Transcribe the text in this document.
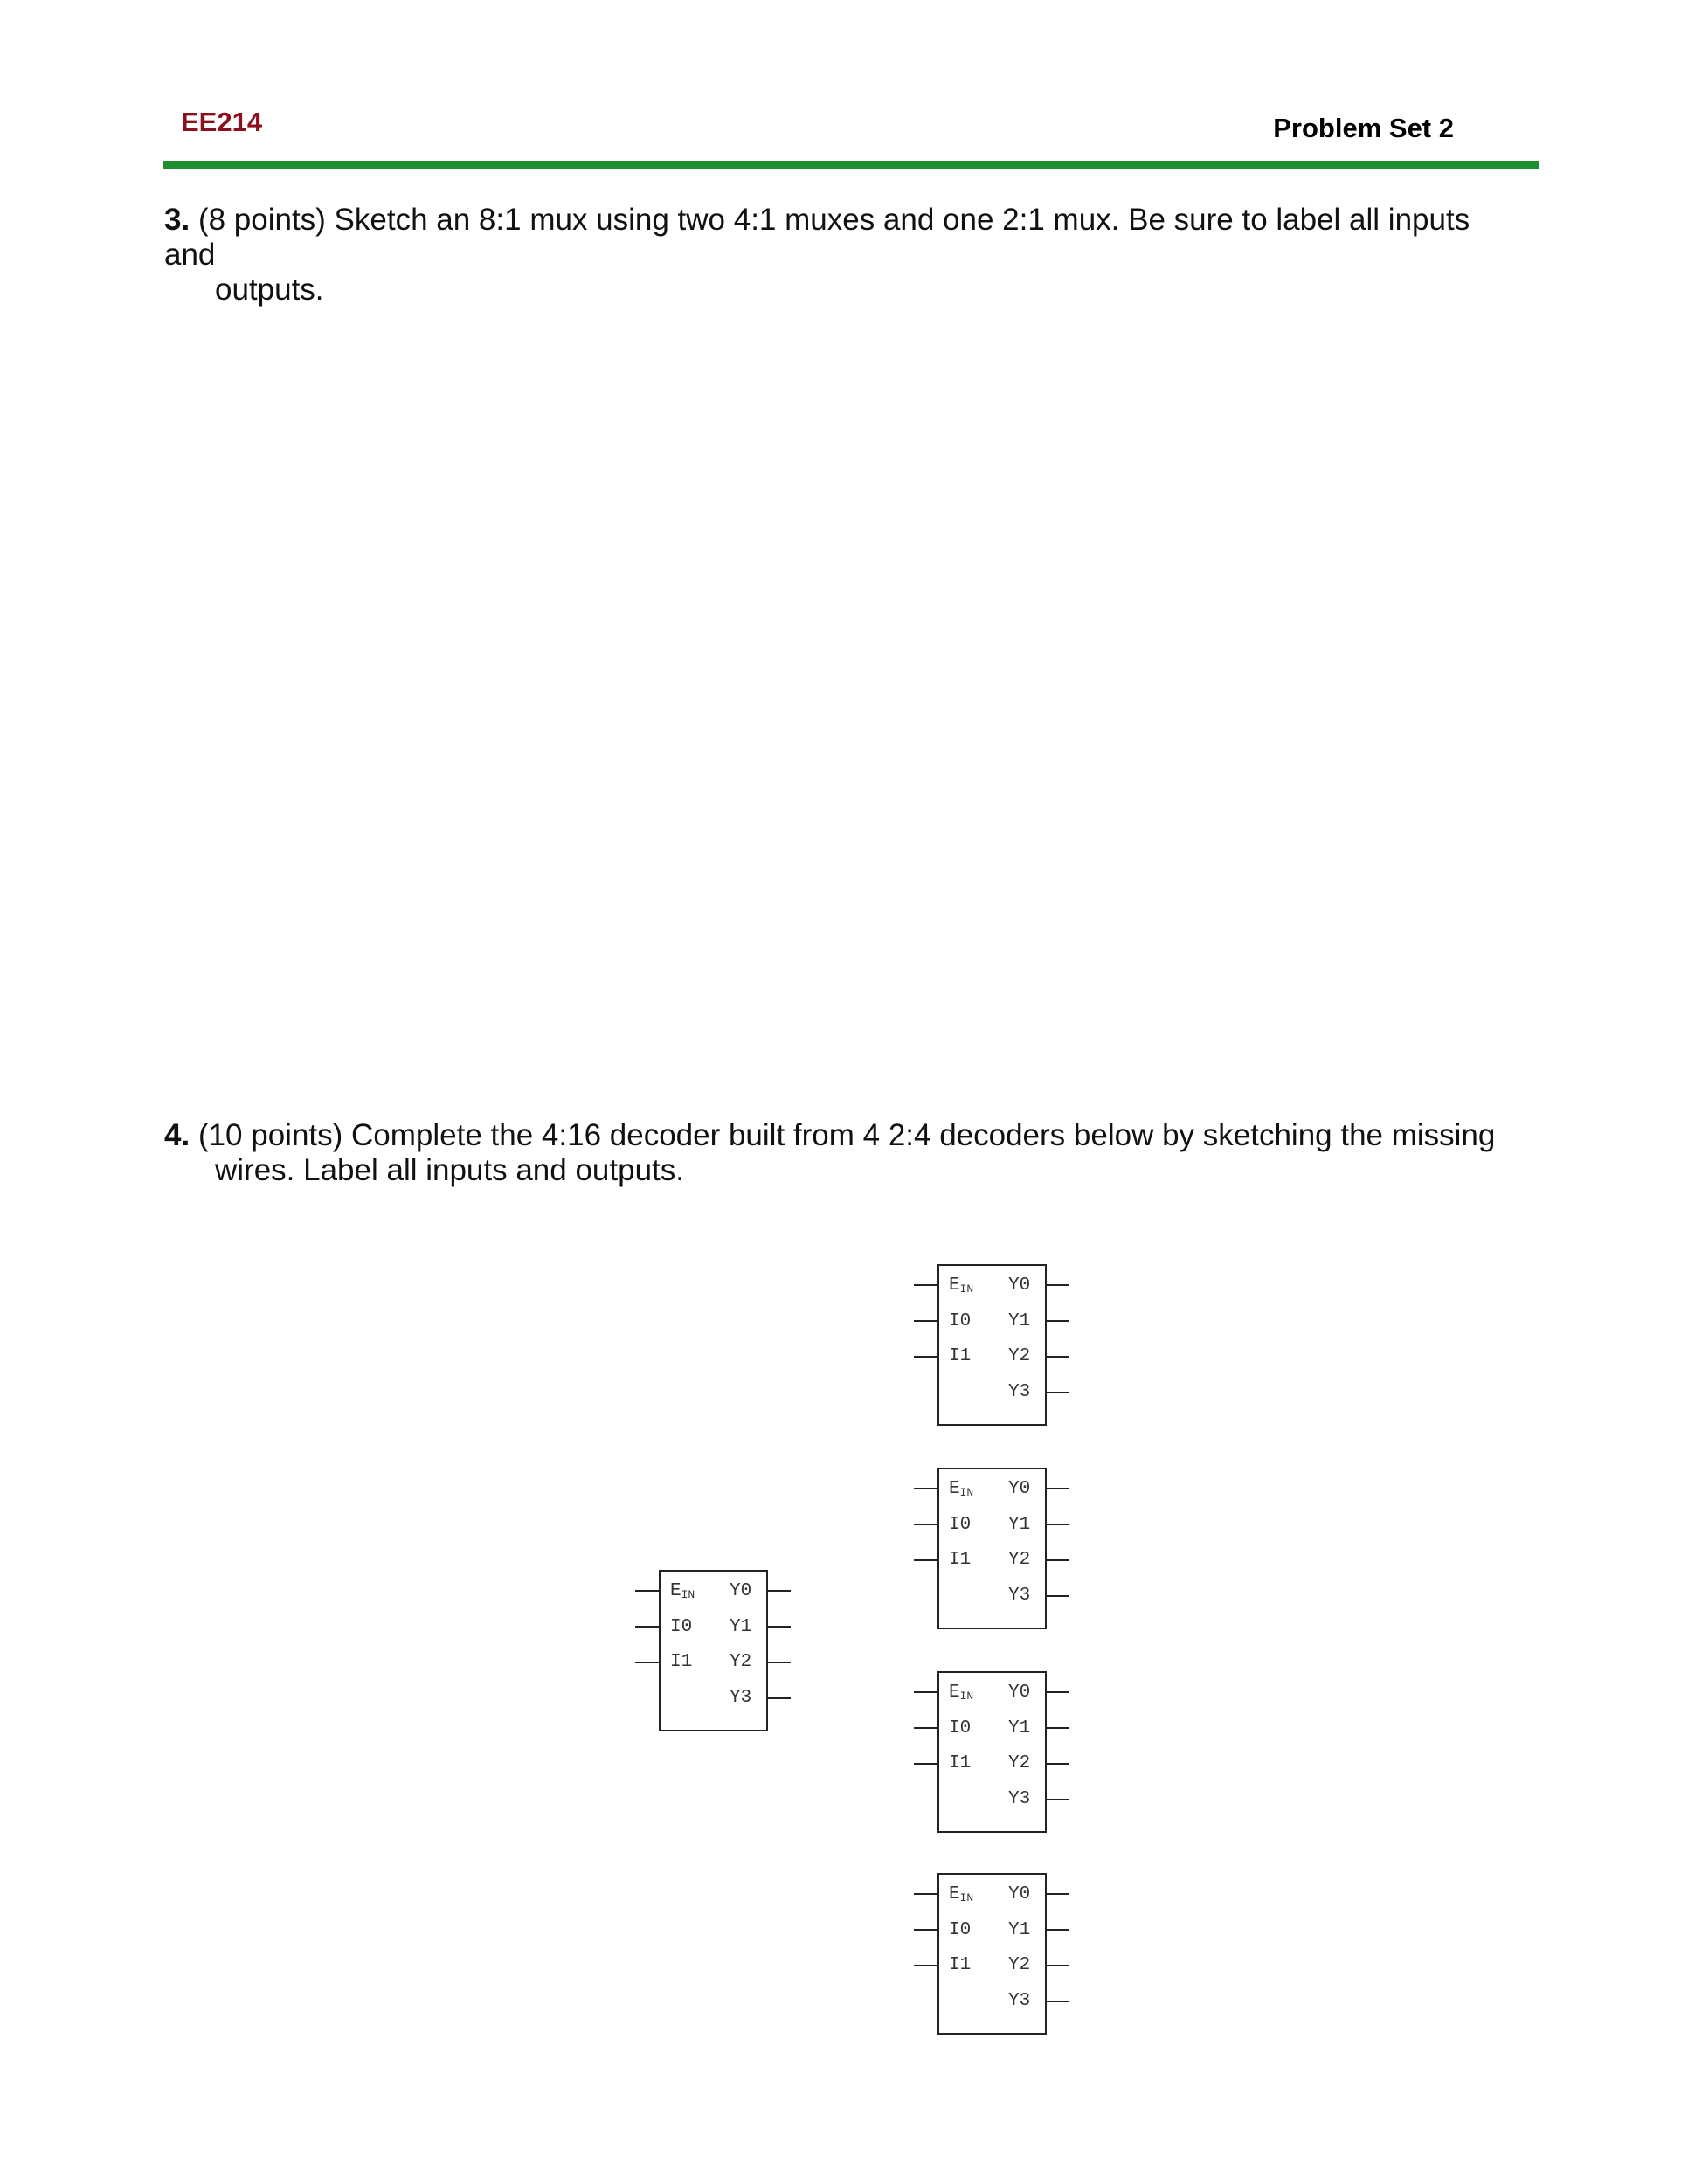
EE214	Problem Set 2
3. (8 points) Sketch an 8:1 mux using two 4:1 muxes and one 2:1 mux. Be sure to label all inputs and
outputs.
4. (10 points) Complete the 4:16 decoder built from 4 2:4 decoders below by sketching the missing
wires. Label all inputs and outputs.
$E_{IN}$
I0
I1
Y0
Y1
Y2
Y3
$E_{IN}$
I0
I1
Y0
Y1
Y2
Y3
$E_{IN}$
I0
I1
Y0
Y1
Y2
Y3
$E_{IN}$
I0
I1
Y0
Y1
Y2
Y3
$E_{IN}$
I0
I1
Y0
Y1
Y2
Y3
